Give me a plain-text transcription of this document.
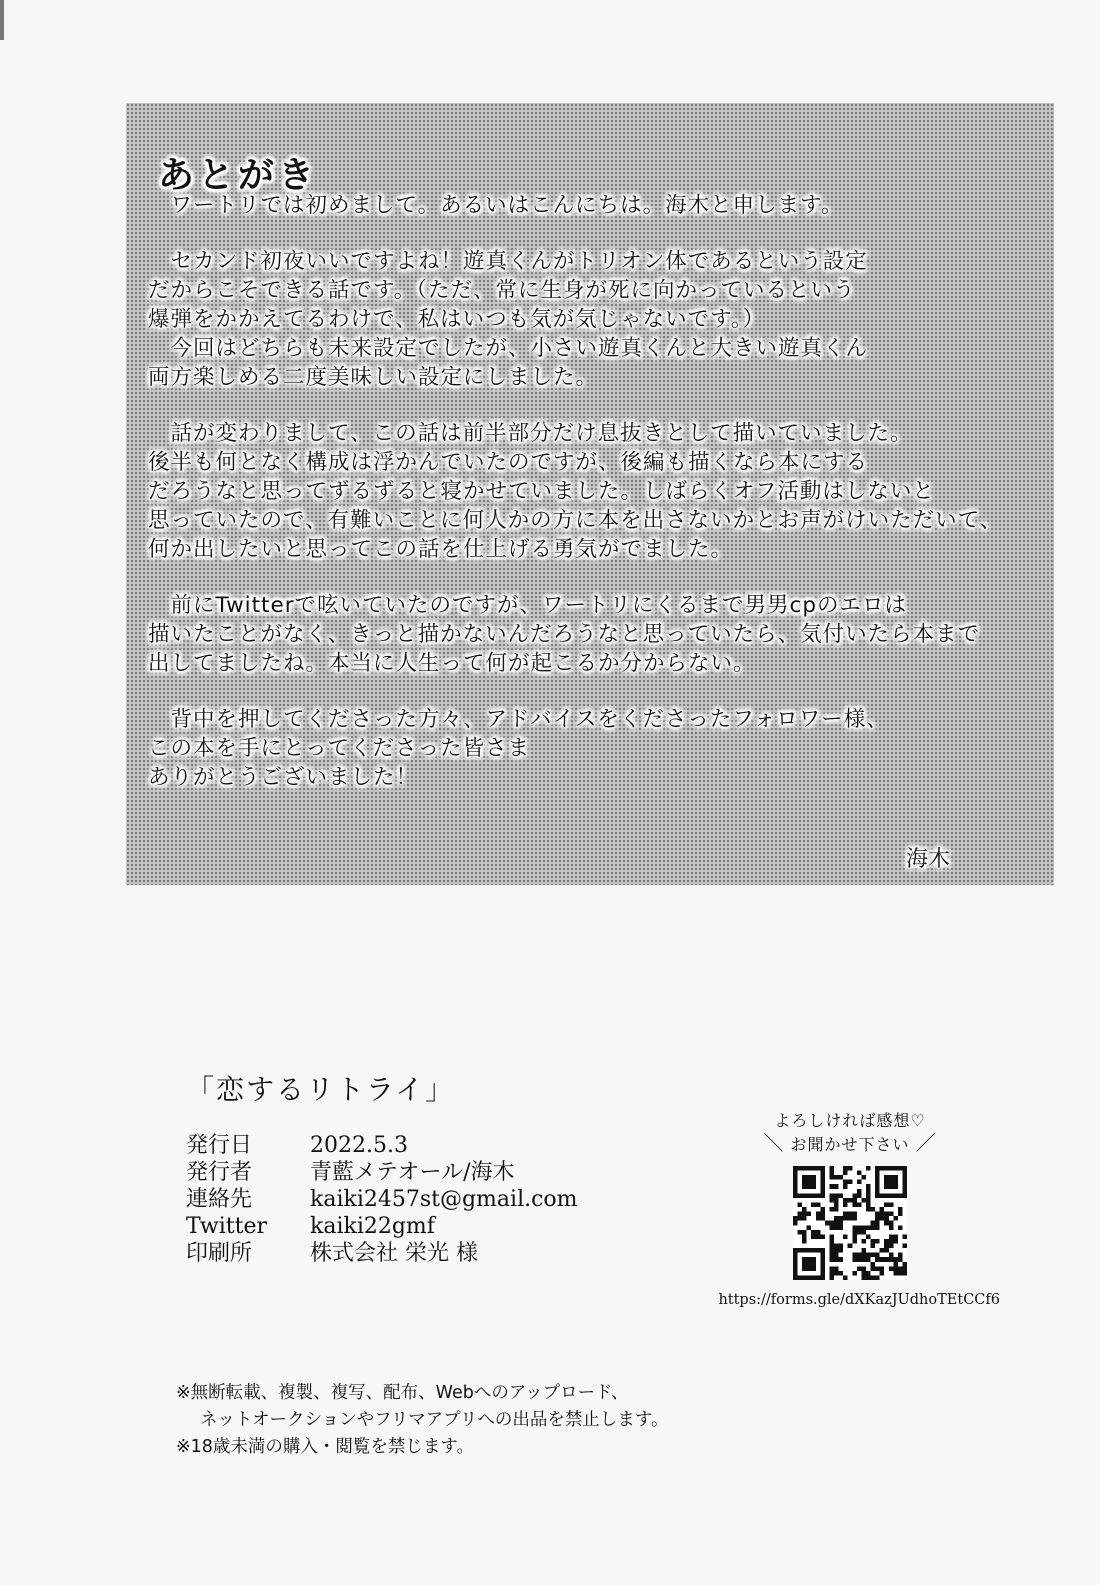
あとがき
　ワートリでは初めまして。あるいはこんにちは。海木と申します。
　セカンド初夜いいですよね！遊真くんがトリオン体であるという設定
だからこそできる話です。（ただ、常に生身が死に向かっているという
爆弾をかかえてるわけで、私はいつも気が気じゃないです。）
　今回はどちらも未来設定でしたが、小さい遊真くんと大きい遊真くん
両方楽しめる二度美味しい設定にしました。
　話が変わりまして、この話は前半部分だけ息抜きとして描いていました。
後半も何となく構成は浮かんでいたのですが、後編も描くなら本にする
だろうなと思ってずるずると寝かせていました。しばらくオフ活動はしないと
思っていたので、有難いことに何人かの方に本を出さないかとお声がけいただいて、
何か出したいと思ってこの話を仕上げる勇気がでました。
　前にTwitterで呟いていたのですが、ワートリにくるまで男男cpのエロは
描いたことがなく、きっと描かないんだろうなと思っていたら、気付いたら本まで
出してましたね。本当に人生って何が起こるか分からない。
　背中を押してくださった方々、アドバイスをくださったフォロワー様、
この本を手にとってくださった皆さま
ありがとうございました！
海木
「恋するリトライ」
発行日	2022.5.3
発行者	青藍メテオール/海木
連絡先	kaiki2457st@gmail.com
Twitter	kaiki22gmf
印刷所	株式会社 栄光 様
よろしければ感想♡
＼ お聞かせ下さい ／
https://forms.gle/dXKazJUdhoTEtCCf6
※無断転載、複製、複写、配布、Webへのアップロード、
ネットオークションやフリマアプリへの出品を禁止します。
※18歳未満の購入・閲覧を禁じます。
